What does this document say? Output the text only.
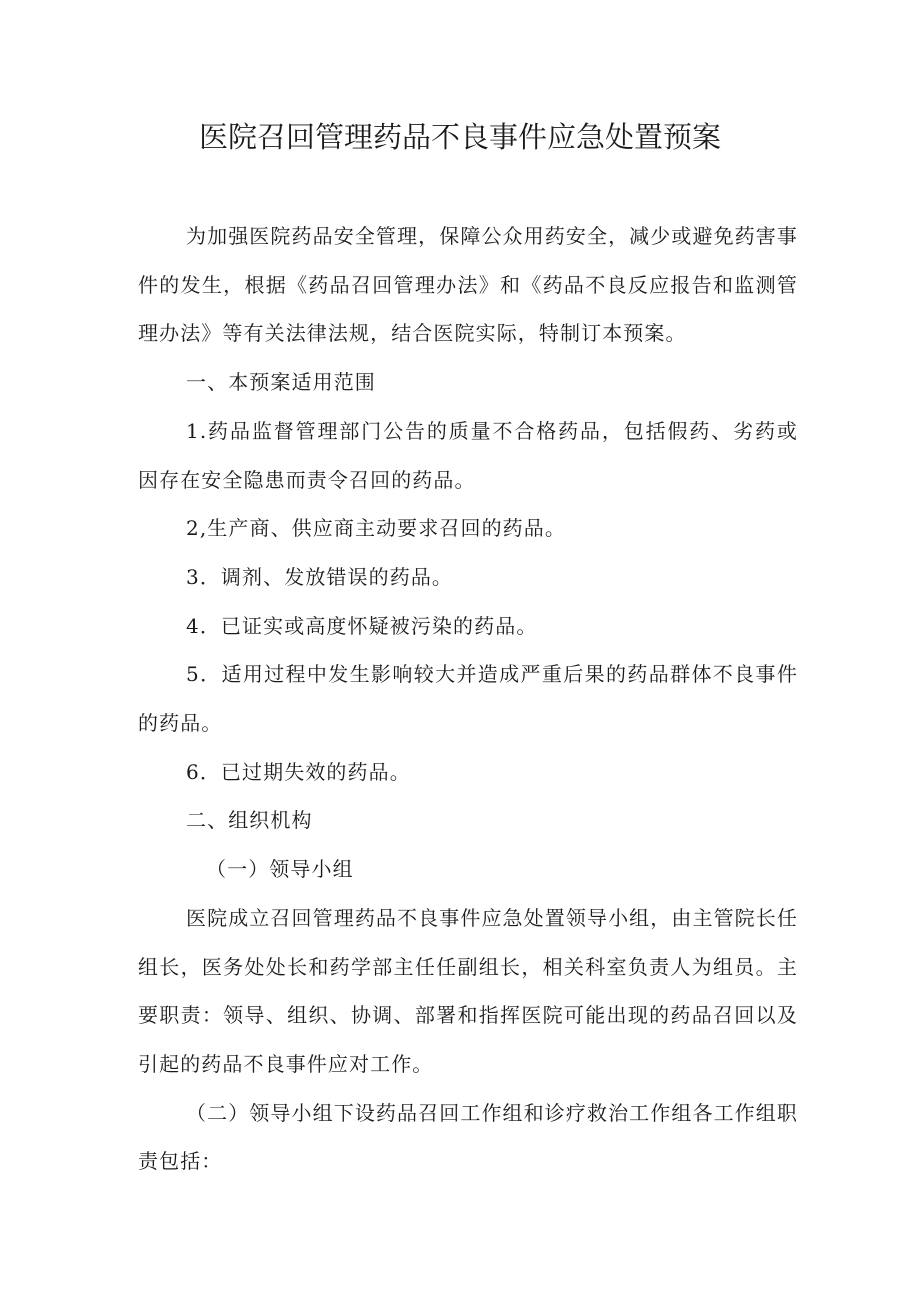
医院召回管理药品不良事件应急处置预案

为加强医院药品安全管理，保障公众用药安全，减少或避免药害事件的发生，根据《药品召回管理办法》和《药品不良反应报告和监测管理办法》等有关法律法规，结合医院实际，特制订本预案。

一、本预案适用范围

1.药品监督管理部门公告的质量不合格药品，包括假药、劣药或因存在安全隐患而责令召回的药品。

2,生产商、供应商主动要求召回的药品。

3．调剂、发放错误的药品。

4．已证实或高度怀疑被污染的药品。

5．适用过程中发生影响较大并造成严重后果的药品群体不良事件的药品。

6．已过期失效的药品。

二、组织机构

（一）领导小组

医院成立召回管理药品不良事件应急处置领导小组，由主管院长任组长，医务处处长和药学部主任任副组长，相关科室负责人为组员。主要职责：领导、组织、协调、部署和指挥医院可能出现的药品召回以及引起的药品不良事件应对工作。

（二）领导小组下设药品召回工作组和诊疗救治工作组各工作组职责包括：
